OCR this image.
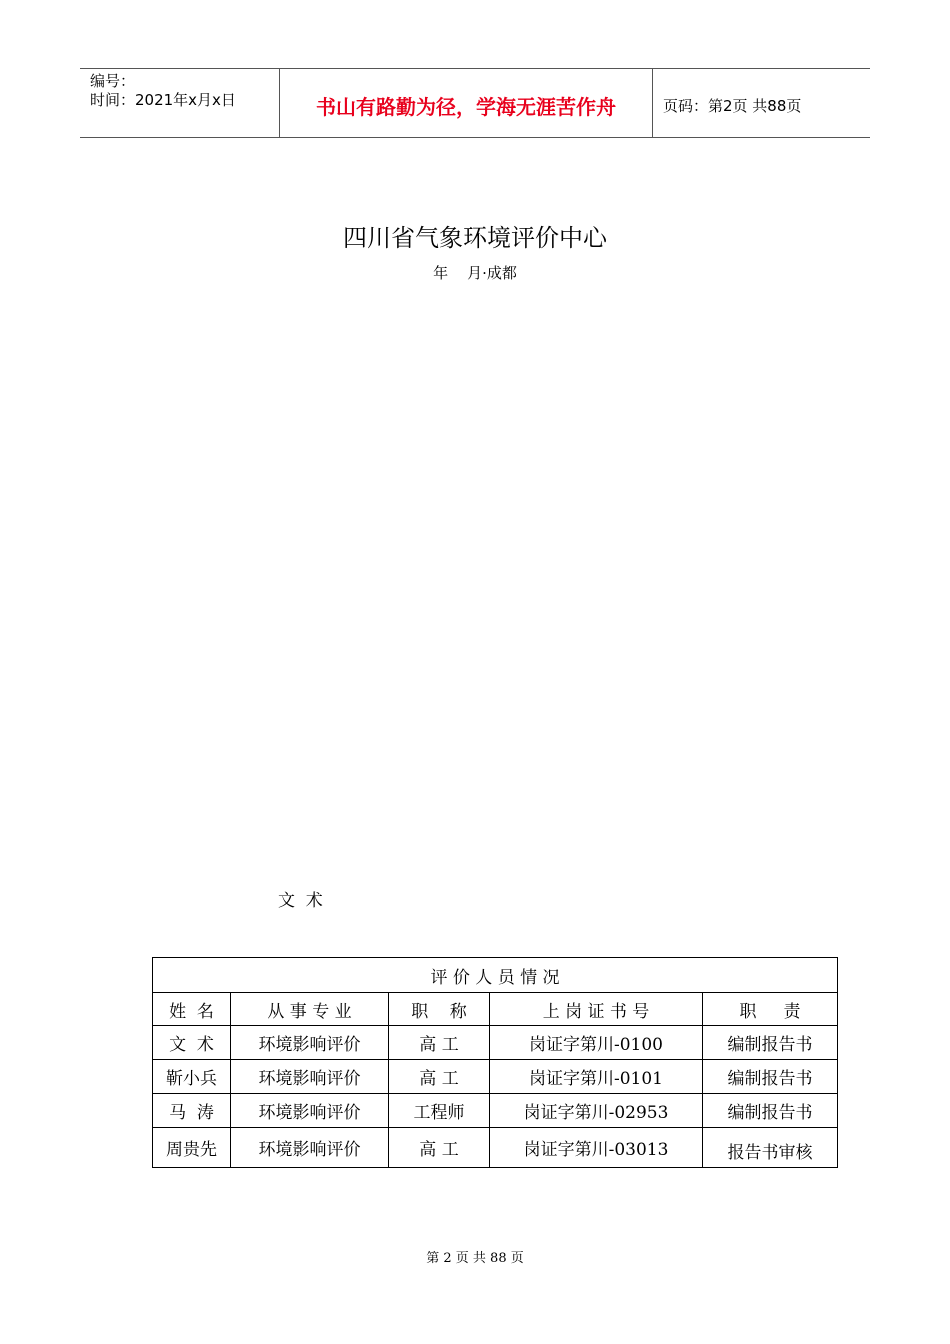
编号：
时间：2021年x月x日	书山有路勤为径，学海无涯苦作舟	页码：第2页 共88页
四川省气象环境评价中心
年    月·成都
文  术
评 价 人 员 情 况				
姓  名	从 事 专 业	职    称	上 岗 证 书 号	职     责
文  术	环境影响评价	高 工	岗证字第川-0100	编制报告书
靳小兵	环境影响评价	高 工	岗证字第川-0101	编制报告书
马  涛	环境影响评价	工程师	岗证字第川-02953	编制报告书
周贵先	环境影响评价	高 工	岗证字第川-03013	报告书审核
第 2 页 共 88 页
